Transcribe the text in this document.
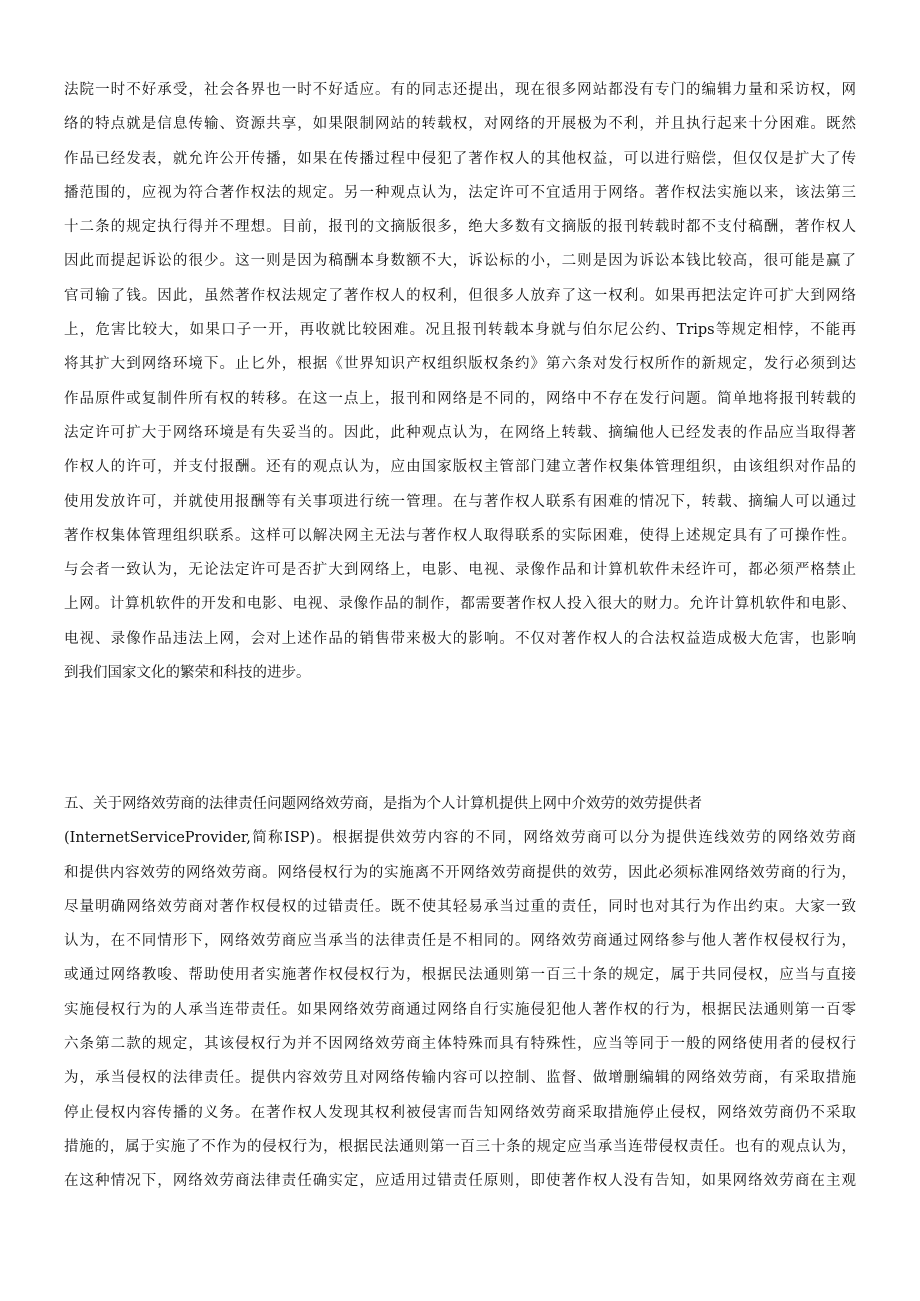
法院一时不好承受，社会各界也一时不好适应。有的同志还提出，现在很多网站都没有专门的编辑力量和采访权，网
络的特点就是信息传输、资源共享，如果限制网站的转载权，对网络的开展极为不利，并且执行起来十分困难。既然
作品已经发表，就允许公开传播，如果在传播过程中侵犯了著作权人的其他权益，可以进行赔偿，但仅仅是扩大了传
播范围的，应视为符合著作权法的规定。另一种观点认为，法定许可不宜适用于网络。著作权法实施以来，该法第三
十二条的规定执行得并不理想。目前，报刊的文摘版很多，绝大多数有文摘版的报刊转载时都不支付稿酬，著作权人
因此而提起诉讼的很少。这一则是因为稿酬本身数额不大，诉讼标的小，二则是因为诉讼本钱比较高，很可能是赢了
官司输了钱。因此，虽然著作权法规定了著作权人的权利，但很多人放弃了这一权利。如果再把法定许可扩大到网络
上，危害比较大，如果口子一开，再收就比较困难。况且报刊转载本身就与伯尔尼公约、Trips等规定相悖，不能再
将其扩大到网络环境下。止匕外，根据《世界知识产权组织版权条约》第六条对发行权所作的新规定，发行必须到达
作品原件或复制件所有权的转移。在这一点上，报刊和网络是不同的，网络中不存在发行问题。简单地将报刊转载的
法定许可扩大于网络环境是有失妥当的。因此，此种观点认为，在网络上转载、摘编他人已经发表的作品应当取得著
作权人的许可，并支付报酬。还有的观点认为，应由国家版权主管部门建立著作权集体管理组织，由该组织对作品的
使用发放许可，并就使用报酬等有关事项进行统一管理。在与著作权人联系有困难的情况下，转载、摘编人可以通过
著作权集体管理组织联系。这样可以解决网主无法与著作权人取得联系的实际困难，使得上述规定具有了可操作性。
与会者一致认为，无论法定许可是否扩大到网络上，电影、电视、录像作品和计算机软件未经许可，都必须严格禁止
上网。计算机软件的开发和电影、电视、录像作品的制作，都需要著作权人投入很大的财力。允许计算机软件和电影、
电视、录像作品违法上网，会对上述作品的销售带来极大的影响。不仅对著作权人的合法权益造成极大危害，也影响
到我们国家文化的繁荣和科技的进步。
五、关于网络效劳商的法律责任问题网络效劳商，是指为个人计算机提供上网中介效劳的效劳提供者
(InternetServiceProvider,简称ISP)。根据提供效劳内容的不同，网络效劳商可以分为提供连线效劳的网络效劳商
和提供内容效劳的网络效劳商。网络侵权行为的实施离不开网络效劳商提供的效劳，因此必须标准网络效劳商的行为，
尽量明确网络效劳商对著作权侵权的过错责任。既不使其轻易承当过重的责任，同时也对其行为作出约束。大家一致
认为，在不同情形下，网络效劳商应当承当的法律责任是不相同的。网络效劳商通过网络参与他人著作权侵权行为，
或通过网络教唆、帮助使用者实施著作权侵权行为，根据民法通则第一百三十条的规定，属于共同侵权，应当与直接
实施侵权行为的人承当连带责任。如果网络效劳商通过网络自行实施侵犯他人著作权的行为，根据民法通则第一百零
六条第二款的规定，其该侵权行为并不因网络效劳商主体特殊而具有特殊性，应当等同于一般的网络使用者的侵权行
为，承当侵权的法律责任。提供内容效劳且对网络传输内容可以控制、监督、做增删编辑的网络效劳商，有采取措施
停止侵权内容传播的义务。在著作权人发现其权利被侵害而告知网络效劳商采取措施停止侵权，网络效劳商仍不采取
措施的，属于实施了不作为的侵权行为，根据民法通则第一百三十条的规定应当承当连带侵权责任。也有的观点认为，
在这种情况下，网络效劳商法律责任确实定，应适用过错责任原则，即使著作权人没有告知，如果网络效劳商在主观
